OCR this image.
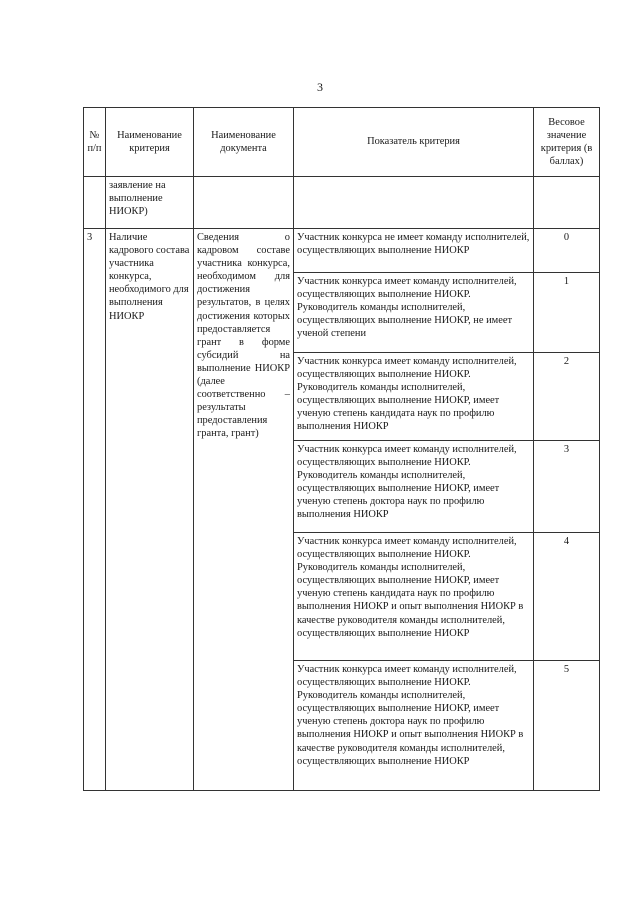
3
№ п/п	Наименование критерия	Наименование документа	Показатель критерия	Весовое значение критерия (в баллах)
	заявление на выполнение НИОКР)			
3	Наличие кадрового состава участника конкурса, необходимого для выполнения НИОКР	Сведения о кадровом составе участника конкурса, необходимом для достижения результатов, в целях достижения которых предоставляется грант в форме субсидий на выполнение НИОКР (далее соответственно – результаты предоставления гранта, грант)	Участник конкурса не имеет команду исполнителей, осуществляющих выполнение НИОКР	0
			Участник конкурса имеет команду исполнителей, осуществляющих выполнение НИОКР. Руководитель команды исполнителей, осуществляющих выполнение НИОКР, не имеет ученой степени	1
			Участник конкурса имеет команду исполнителей, осуществляющих выполнение НИОКР. Руководитель команды исполнителей, осуществляющих выполнение НИОКР, имеет ученую степень кандидата наук по профилю выполнения НИОКР	2
			Участник конкурса имеет команду исполнителей, осуществляющих выполнение НИОКР. Руководитель команды исполнителей, осуществляющих выполнение НИОКР, имеет ученую степень доктора наук по профилю выполнения НИОКР	3
			Участник конкурса имеет команду исполнителей, осуществляющих выполнение НИОКР. Руководитель команды исполнителей, осуществляющих выполнение НИОКР, имеет ученую степень кандидата наук по профилю выполнения НИОКР и опыт выполнения НИОКР в качестве руководителя команды исполнителей, осуществляющих выполнение НИОКР	4
			Участник конкурса имеет команду исполнителей, осуществляющих выполнение НИОКР. Руководитель команды исполнителей, осуществляющих выполнение НИОКР, имеет ученую степень доктора наук по профилю выполнения НИОКР и опыт выполнения НИОКР в качестве руководителя команды исполнителей, осуществляющих выполнение НИОКР	5
